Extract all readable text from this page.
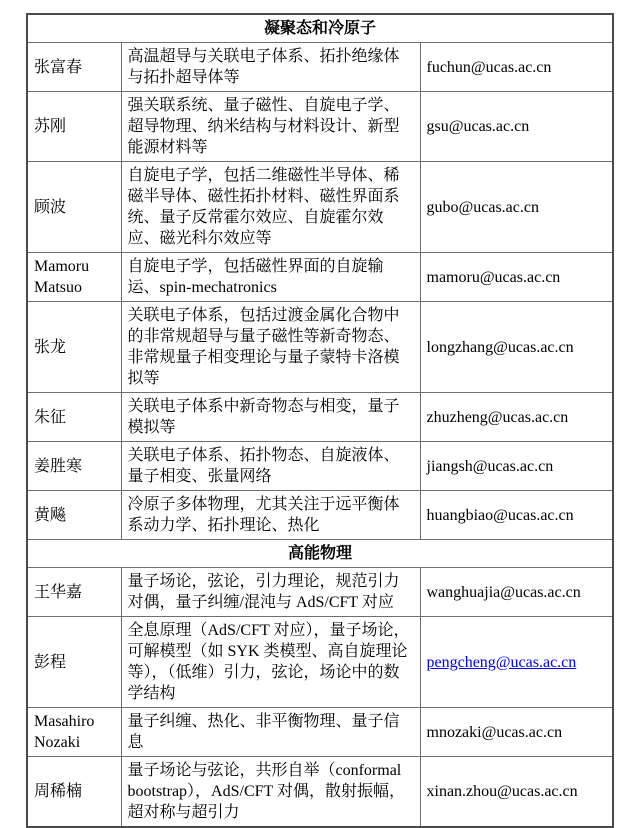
凝聚态和冷原子		
张富春	高温超导与关联电子体系、拓扑绝缘体与拓扑超导体等	fuchun@ucas.ac.cn
苏刚	强关联系统、量子磁性、自旋电子学、超导物理、纳米结构与材料设计、新型能源材料等	gsu@ucas.ac.cn
顾波	自旋电子学，包括二维磁性半导体、稀磁半导体、磁性拓扑材料、磁性界面系统、量子反常霍尔效应、自旋霍尔效应、磁光科尔效应等	gubo@ucas.ac.cn
Mamoru Matsuo	自旋电子学，包括磁性界面的自旋输运、spin-mechatronics	mamoru@ucas.ac.cn
张龙	关联电子体系，包括过渡金属化合物中的非常规超导与量子磁性等新奇物态、非常规量子相变理论与量子蒙特卡洛模拟等	longzhang@ucas.ac.cn
朱征	关联电子体系中新奇物态与相变，量子模拟等	zhuzheng@ucas.ac.cn
姜胜寒	关联电子体系、拓扑物态、自旋液体、量子相变、张量网络	jiangsh@ucas.ac.cn
黄飚	冷原子多体物理，尤其关注于远平衡体系动力学、拓扑理论、热化	huangbiao@ucas.ac.cn
高能物理		
王华嘉	量子场论，弦论，引力理论，规范引力对偶，量子纠缠/混沌与 AdS/CFT 对应	wanghuajia@ucas.ac.cn
彭程	全息原理（AdS/CFT 对应），量子场论，可解模型（如 SYK 类模型、高自旋理论等），（低维）引力，弦论，场论中的数学结构	pengcheng@ucas.ac.cn
Masahiro Nozaki	量子纠缠、热化、非平衡物理、量子信息	mnozaki@ucas.ac.cn
周稀楠	量子场论与弦论，共形自举（conformal bootstrap），AdS/CFT 对偶，散射振幅，超对称与超引力	xinan.zhou@ucas.ac.cn
